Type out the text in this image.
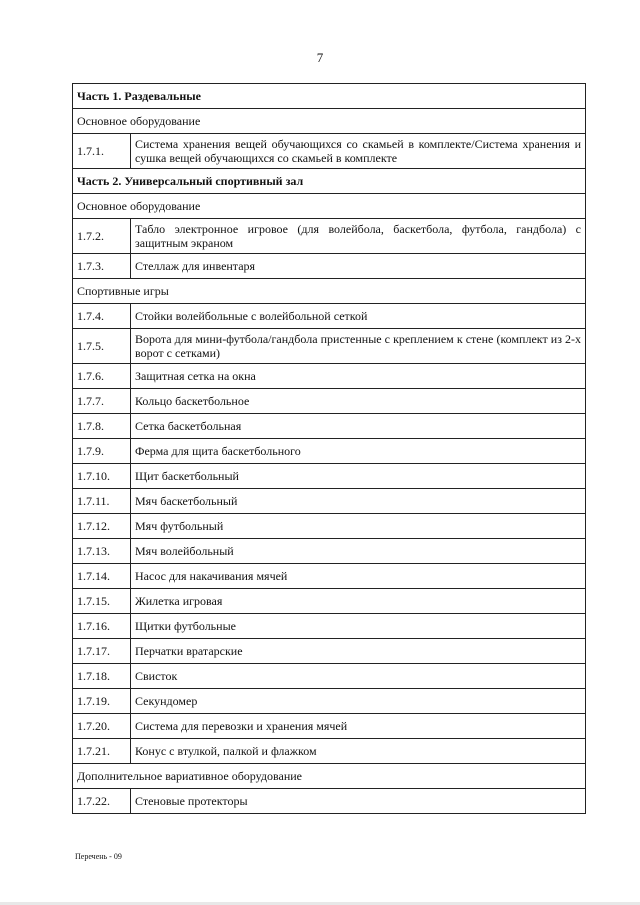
7
Часть 1. Раздевальные	
Основное оборудование	
1.7.1.	Система хранения вещей обучающихся со скамьей в комплекте/Система хранения и сушка вещей обучающихся со скамьей в комплекте
Часть 2. Универсальный спортивный зал	
Основное оборудование	
1.7.2.	Табло электронное игровое (для волейбола, баскетбола, футбола, гандбола) с защитным экраном
1.7.3.	Стеллаж для инвентаря
Спортивные игры	
1.7.4.	Стойки волейбольные с волейбольной сеткой
1.7.5.	Ворота для мини-футбола/гандбола пристенные с креплением к стене (комплект из 2-х ворот с сетками)
1.7.6.	Защитная сетка на окна
1.7.7.	Кольцо баскетбольное
1.7.8.	Сетка баскетбольная
1.7.9.	Ферма для щита баскетбольного
1.7.10.	Щит баскетбольный
1.7.11.	Мяч баскетбольный
1.7.12.	Мяч футбольный
1.7.13.	Мяч волейбольный
1.7.14.	Насос для накачивания мячей
1.7.15.	Жилетка игровая
1.7.16.	Щитки футбольные
1.7.17.	Перчатки вратарские
1.7.18.	Свисток
1.7.19.	Секундомер
1.7.20.	Система для перевозки и хранения мячей
1.7.21.	Конус с втулкой, палкой и флажком
Дополнительное вариативное оборудование	
1.7.22.	Стеновые протекторы
Перечень - 09
